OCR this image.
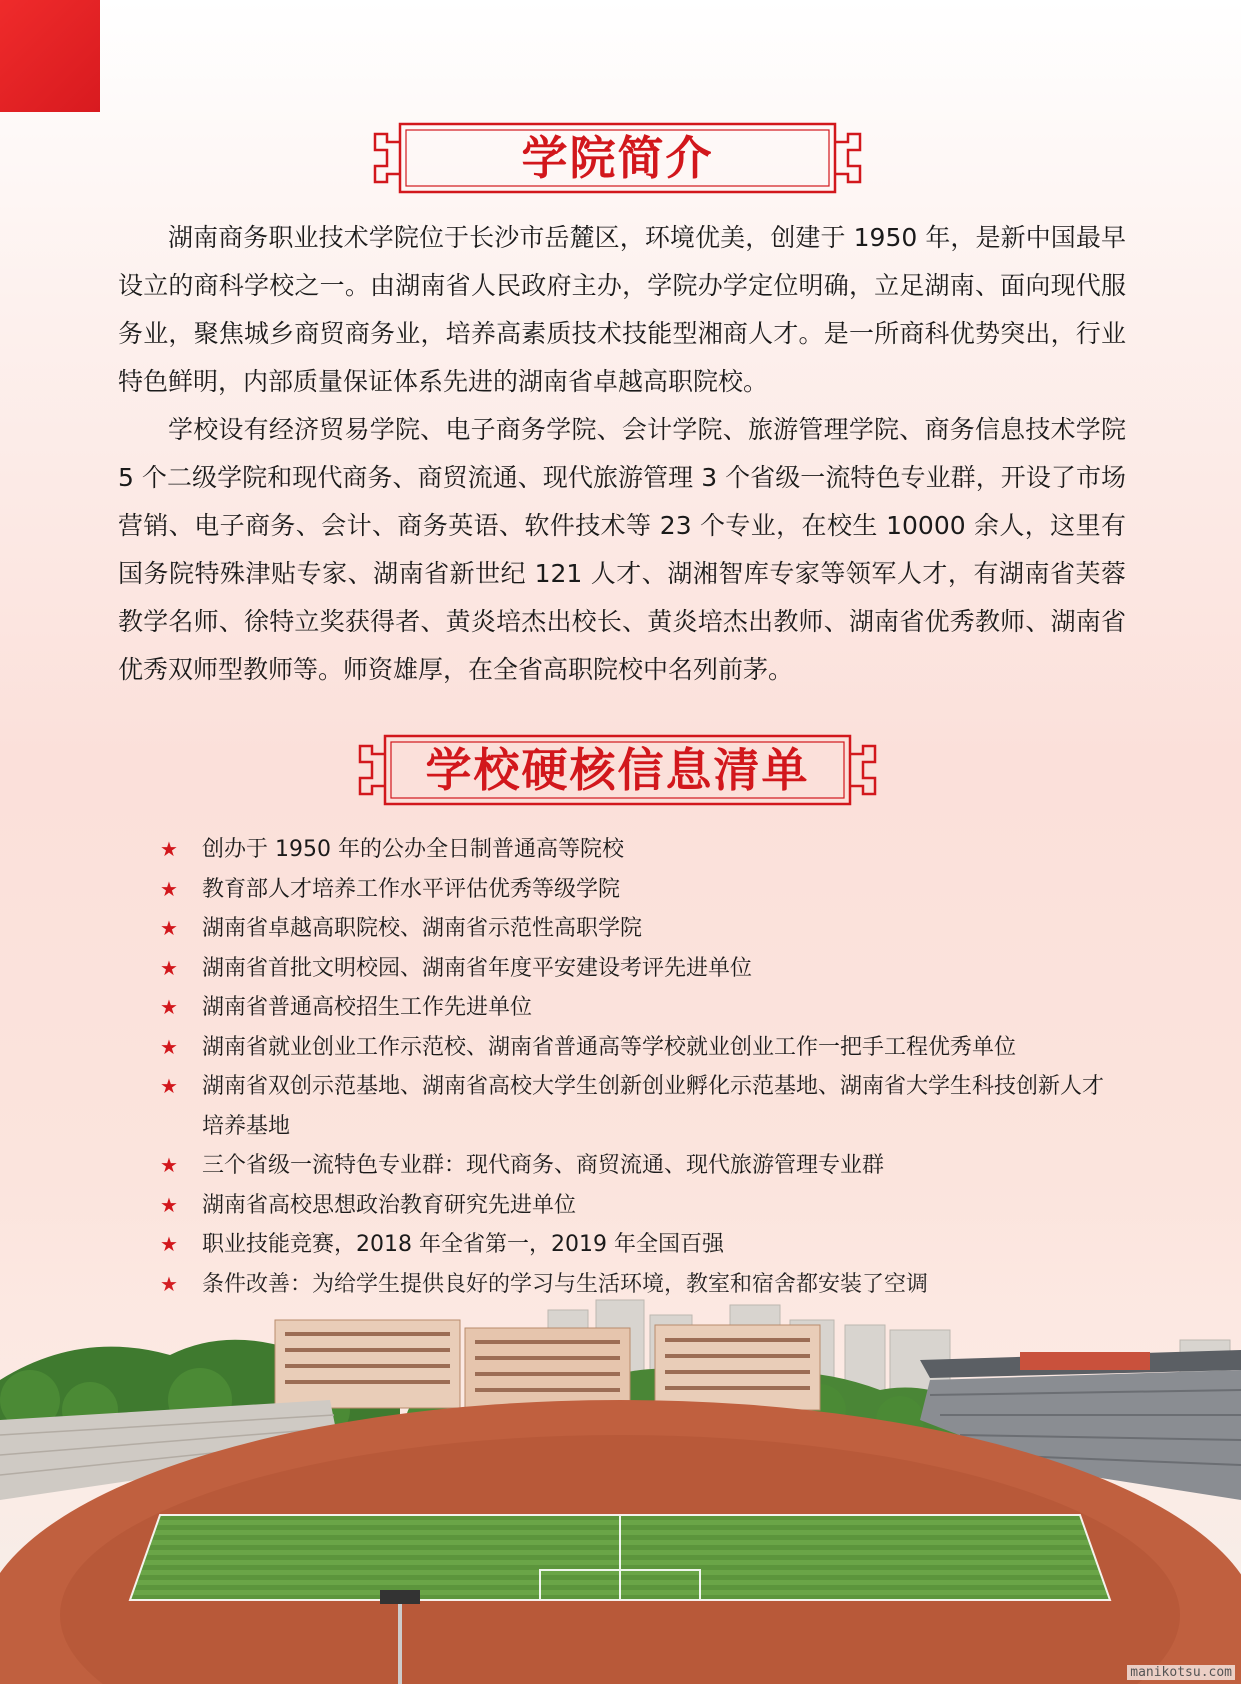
学院简介

湖南商务职业技术学院位于长沙市岳麓区，环境优美，创建于 1950 年，是新中国最早设立的商科学校之一。由湖南省人民政府主办，学院办学定位明确，立足湖南、面向现代服务业，聚焦城乡商贸商务业，培养高素质技术技能型湘商人才。是一所商科优势突出，行业特色鲜明，内部质量保证体系先进的湖南省卓越高职院校。

学校设有经济贸易学院、电子商务学院、会计学院、旅游管理学院、商务信息技术学院 5 个二级学院和现代商务、商贸流通、现代旅游管理 3 个省级一流特色专业群，开设了市场营销、电子商务、会计、商务英语、软件技术等 23 个专业，在校生 10000 余人，这里有国务院特殊津贴专家、湖南省新世纪 121 人才、湖湘智库专家等领军人才，有湖南省芙蓉教学名师、徐特立奖获得者、黄炎培杰出校长、黄炎培杰出教师、湖南省优秀教师、湖南省优秀双师型教师等。师资雄厚，在全省高职院校中名列前茅。

学校硬核信息清单
★ 创办于 1950 年的公办全日制普通高等院校
★ 教育部人才培养工作水平评估优秀等级学院
★ 湖南省卓越高职院校、湖南省示范性高职学院
★ 湖南省首批文明校园、湖南省年度平安建设考评先进单位
★ 湖南省普通高校招生工作先进单位
★ 湖南省就业创业工作示范校、湖南省普通高等学校就业创业工作一把手工程优秀单位
★ 湖南省双创示范基地、湖南省高校大学生创新创业孵化示范基地、湖南省大学生科技创新人才培养基地
★ 三个省级一流特色专业群：现代商务、商贸流通、现代旅游管理专业群
★ 湖南省高校思想政治教育研究先进单位
★ 职业技能竞赛，2018 年全省第一，2019 年全国百强
manikotsu.com
